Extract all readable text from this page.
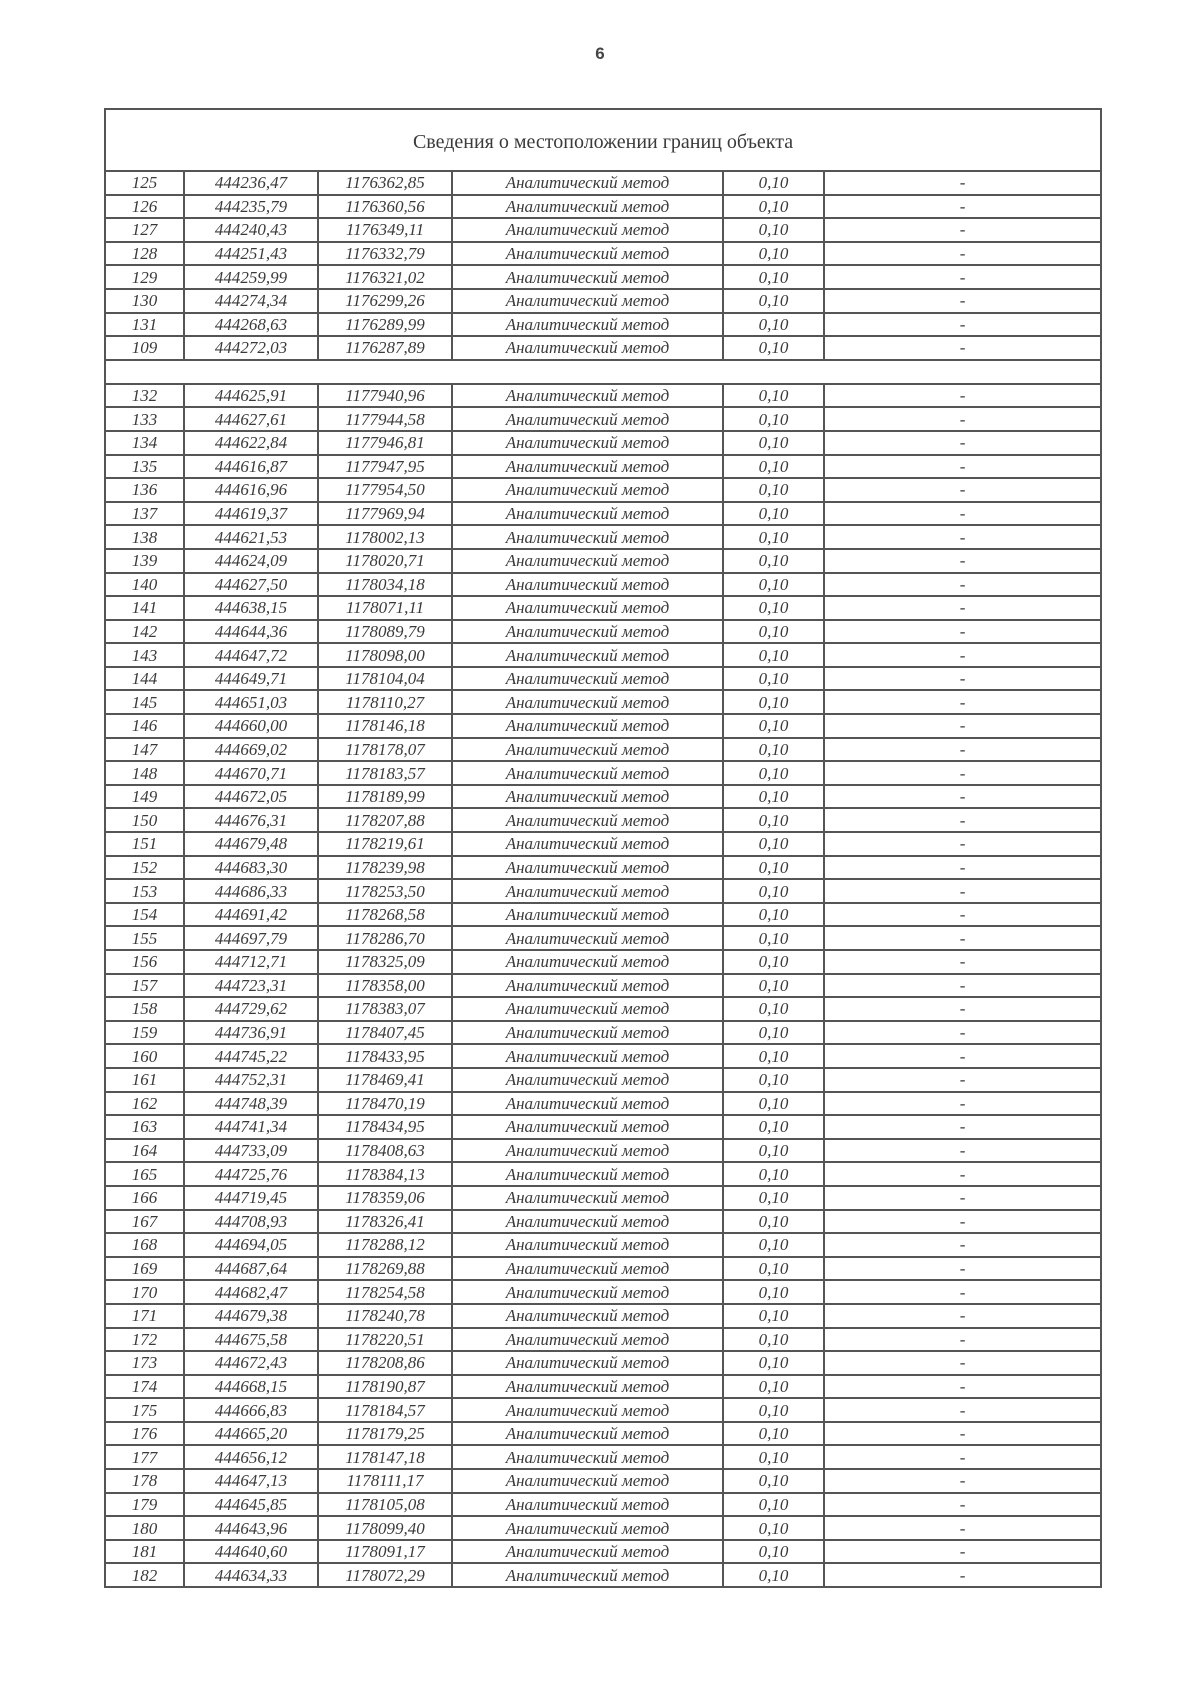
6
Сведения о местоположении границ объекта					
125	444236,47	1176362,85	Аналитический метод	0,10	-
126	444235,79	1176360,56	Аналитический метод	0,10	-
127	444240,43	1176349,11	Аналитический метод	0,10	-
128	444251,43	1176332,79	Аналитический метод	0,10	-
129	444259,99	1176321,02	Аналитический метод	0,10	-
130	444274,34	1176299,26	Аналитический метод	0,10	-
131	444268,63	1176289,99	Аналитический метод	0,10	-
109	444272,03	1176287,89	Аналитический метод	0,10	-

132	444625,91	1177940,96	Аналитический метод	0,10	-
133	444627,61	1177944,58	Аналитический метод	0,10	-
134	444622,84	1177946,81	Аналитический метод	0,10	-
135	444616,87	1177947,95	Аналитический метод	0,10	-
136	444616,96	1177954,50	Аналитический метод	0,10	-
137	444619,37	1177969,94	Аналитический метод	0,10	-
138	444621,53	1178002,13	Аналитический метод	0,10	-
139	444624,09	1178020,71	Аналитический метод	0,10	-
140	444627,50	1178034,18	Аналитический метод	0,10	-
141	444638,15	1178071,11	Аналитический метод	0,10	-
142	444644,36	1178089,79	Аналитический метод	0,10	-
143	444647,72	1178098,00	Аналитический метод	0,10	-
144	444649,71	1178104,04	Аналитический метод	0,10	-
145	444651,03	1178110,27	Аналитический метод	0,10	-
146	444660,00	1178146,18	Аналитический метод	0,10	-
147	444669,02	1178178,07	Аналитический метод	0,10	-
148	444670,71	1178183,57	Аналитический метод	0,10	-
149	444672,05	1178189,99	Аналитический метод	0,10	-
150	444676,31	1178207,88	Аналитический метод	0,10	-
151	444679,48	1178219,61	Аналитический метод	0,10	-
152	444683,30	1178239,98	Аналитический метод	0,10	-
153	444686,33	1178253,50	Аналитический метод	0,10	-
154	444691,42	1178268,58	Аналитический метод	0,10	-
155	444697,79	1178286,70	Аналитический метод	0,10	-
156	444712,71	1178325,09	Аналитический метод	0,10	-
157	444723,31	1178358,00	Аналитический метод	0,10	-
158	444729,62	1178383,07	Аналитический метод	0,10	-
159	444736,91	1178407,45	Аналитический метод	0,10	-
160	444745,22	1178433,95	Аналитический метод	0,10	-
161	444752,31	1178469,41	Аналитический метод	0,10	-
162	444748,39	1178470,19	Аналитический метод	0,10	-
163	444741,34	1178434,95	Аналитический метод	0,10	-
164	444733,09	1178408,63	Аналитический метод	0,10	-
165	444725,76	1178384,13	Аналитический метод	0,10	-
166	444719,45	1178359,06	Аналитический метод	0,10	-
167	444708,93	1178326,41	Аналитический метод	0,10	-
168	444694,05	1178288,12	Аналитический метод	0,10	-
169	444687,64	1178269,88	Аналитический метод	0,10	-
170	444682,47	1178254,58	Аналитический метод	0,10	-
171	444679,38	1178240,78	Аналитический метод	0,10	-
172	444675,58	1178220,51	Аналитический метод	0,10	-
173	444672,43	1178208,86	Аналитический метод	0,10	-
174	444668,15	1178190,87	Аналитический метод	0,10	-
175	444666,83	1178184,57	Аналитический метод	0,10	-
176	444665,20	1178179,25	Аналитический метод	0,10	-
177	444656,12	1178147,18	Аналитический метод	0,10	-
178	444647,13	1178111,17	Аналитический метод	0,10	-
179	444645,85	1178105,08	Аналитический метод	0,10	-
180	444643,96	1178099,40	Аналитический метод	0,10	-
181	444640,60	1178091,17	Аналитический метод	0,10	-
182	444634,33	1178072,29	Аналитический метод	0,10	-
